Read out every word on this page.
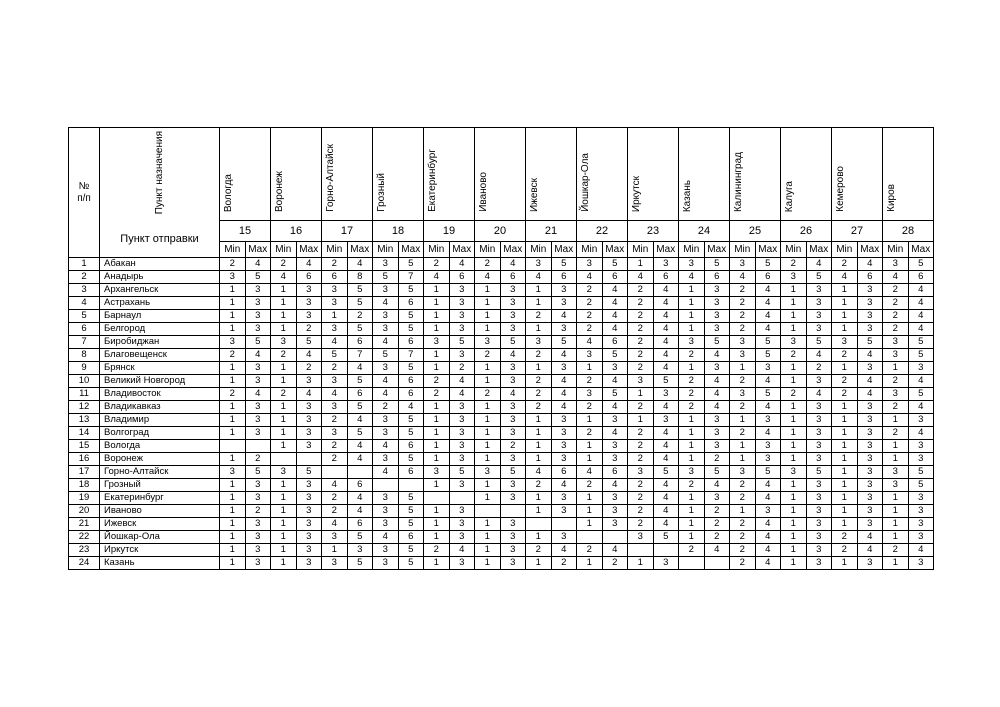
№
п/п	Пункт назначения	Вологда		Воронеж		Горно-Алтайск		Грозный		Екатеринбург		Иваново		Ижевск		Йошкар-Ола		Иркутск		Казань		Калининград		Калуга		Кемерово		Киров	
	Пункт отправки	15		16		17		18		19		20		21		22		23		24		25		26		27		28	
		Min	Max	Min	Max	Min	Max	Min	Max	Min	Max	Min	Max	Min	Max	Min	Max	Min	Max	Min	Max	Min	Max	Min	Max	Min	Max	Min	Max
1	Абакан	2	4	2	4	2	4	3	5	2	4	2	4	3	5	3	5	1	3	3	5	3	5	2	4	2	4	3	5
2	Анадырь	3	5	4	6	6	8	5	7	4	6	4	6	4	6	4	6	4	6	4	6	4	6	3	5	4	6	4	6
3	Архангельск	1	3	1	3	3	5	3	5	1	3	1	3	1	3	2	4	2	4	1	3	2	4	1	3	1	3	2	4
4	Астрахань	1	3	1	3	3	5	4	6	1	3	1	3	1	3	2	4	2	4	1	3	2	4	1	3	1	3	2	4
5	Барнаул	1	3	1	3	1	2	3	5	1	3	1	3	2	4	2	4	2	4	1	3	2	4	1	3	1	3	2	4
6	Белгород	1	3	1	2	3	5	3	5	1	3	1	3	1	3	2	4	2	4	1	3	2	4	1	3	1	3	2	4
7	Биробиджан	3	5	3	5	4	6	4	6	3	5	3	5	3	5	4	6	2	4	3	5	3	5	3	5	3	5	3	5
8	Благовещенск	2	4	2	4	5	7	5	7	1	3	2	4	2	4	3	5	2	4	2	4	3	5	2	4	2	4	3	5
9	Брянск	1	3	1	2	2	4	3	5	1	2	1	3	1	3	1	3	2	4	1	3	1	3	1	2	1	3	1	3
10	Великий Новгород	1	3	1	3	3	5	4	6	2	4	1	3	2	4	2	4	3	5	2	4	2	4	1	3	2	4	2	4
11	Владивосток	2	4	2	4	4	6	4	6	2	4	2	4	2	4	3	5	1	3	2	4	3	5	2	4	2	4	3	5
12	Владикавказ	1	3	1	3	3	5	2	4	1	3	1	3	2	4	2	4	2	4	2	4	2	4	1	3	1	3	2	4
13	Владимир	1	3	1	3	2	4	3	5	1	3	1	3	1	3	1	3	1	3	1	3	1	3	1	3	1	3	1	3
14	Волгоград	1	3	1	3	3	5	3	5	1	3	1	3	1	3	2	4	2	4	1	3	2	4	1	3	1	3	2	4
15	Вологда			1	3	2	4	4	6	1	3	1	2	1	3	1	3	2	4	1	3	1	3	1	3	1	3	1	3
16	Воронеж	1	2			2	4	3	5	1	3	1	3	1	3	1	3	2	4	1	2	1	3	1	3	1	3	1	3
17	Горно-Алтайск	3	5	3	5			4	6	3	5	3	5	4	6	4	6	3	5	3	5	3	5	3	5	1	3	3	5
18	Грозный	1	3	1	3	4	6			1	3	1	3	2	4	2	4	2	4	2	4	2	4	1	3	1	3	3	5
19	Екатеринбург	1	3	1	3	2	4	3	5			1	3	1	3	1	3	2	4	1	3	2	4	1	3	1	3	1	3
20	Иваново	1	2	1	3	2	4	3	5	1	3			1	3	1	3	2	4	1	2	1	3	1	3	1	3	1	3
21	Ижевск	1	3	1	3	4	6	3	5	1	3	1	3			1	3	2	4	1	2	2	4	1	3	1	3	1	3
22	Йошкар-Ола	1	3	1	3	3	5	4	6	1	3	1	3	1	3			3	5	1	2	2	4	1	3	2	4	1	3
23	Иркутск	1	3	1	3	1	3	3	5	2	4	1	3	2	4	2	4			2	4	2	4	1	3	2	4	2	4
24	Казань	1	3	1	3	3	5	3	5	1	3	1	3	1	2	1	2	1	3			2	4	1	3	1	3	1	3
